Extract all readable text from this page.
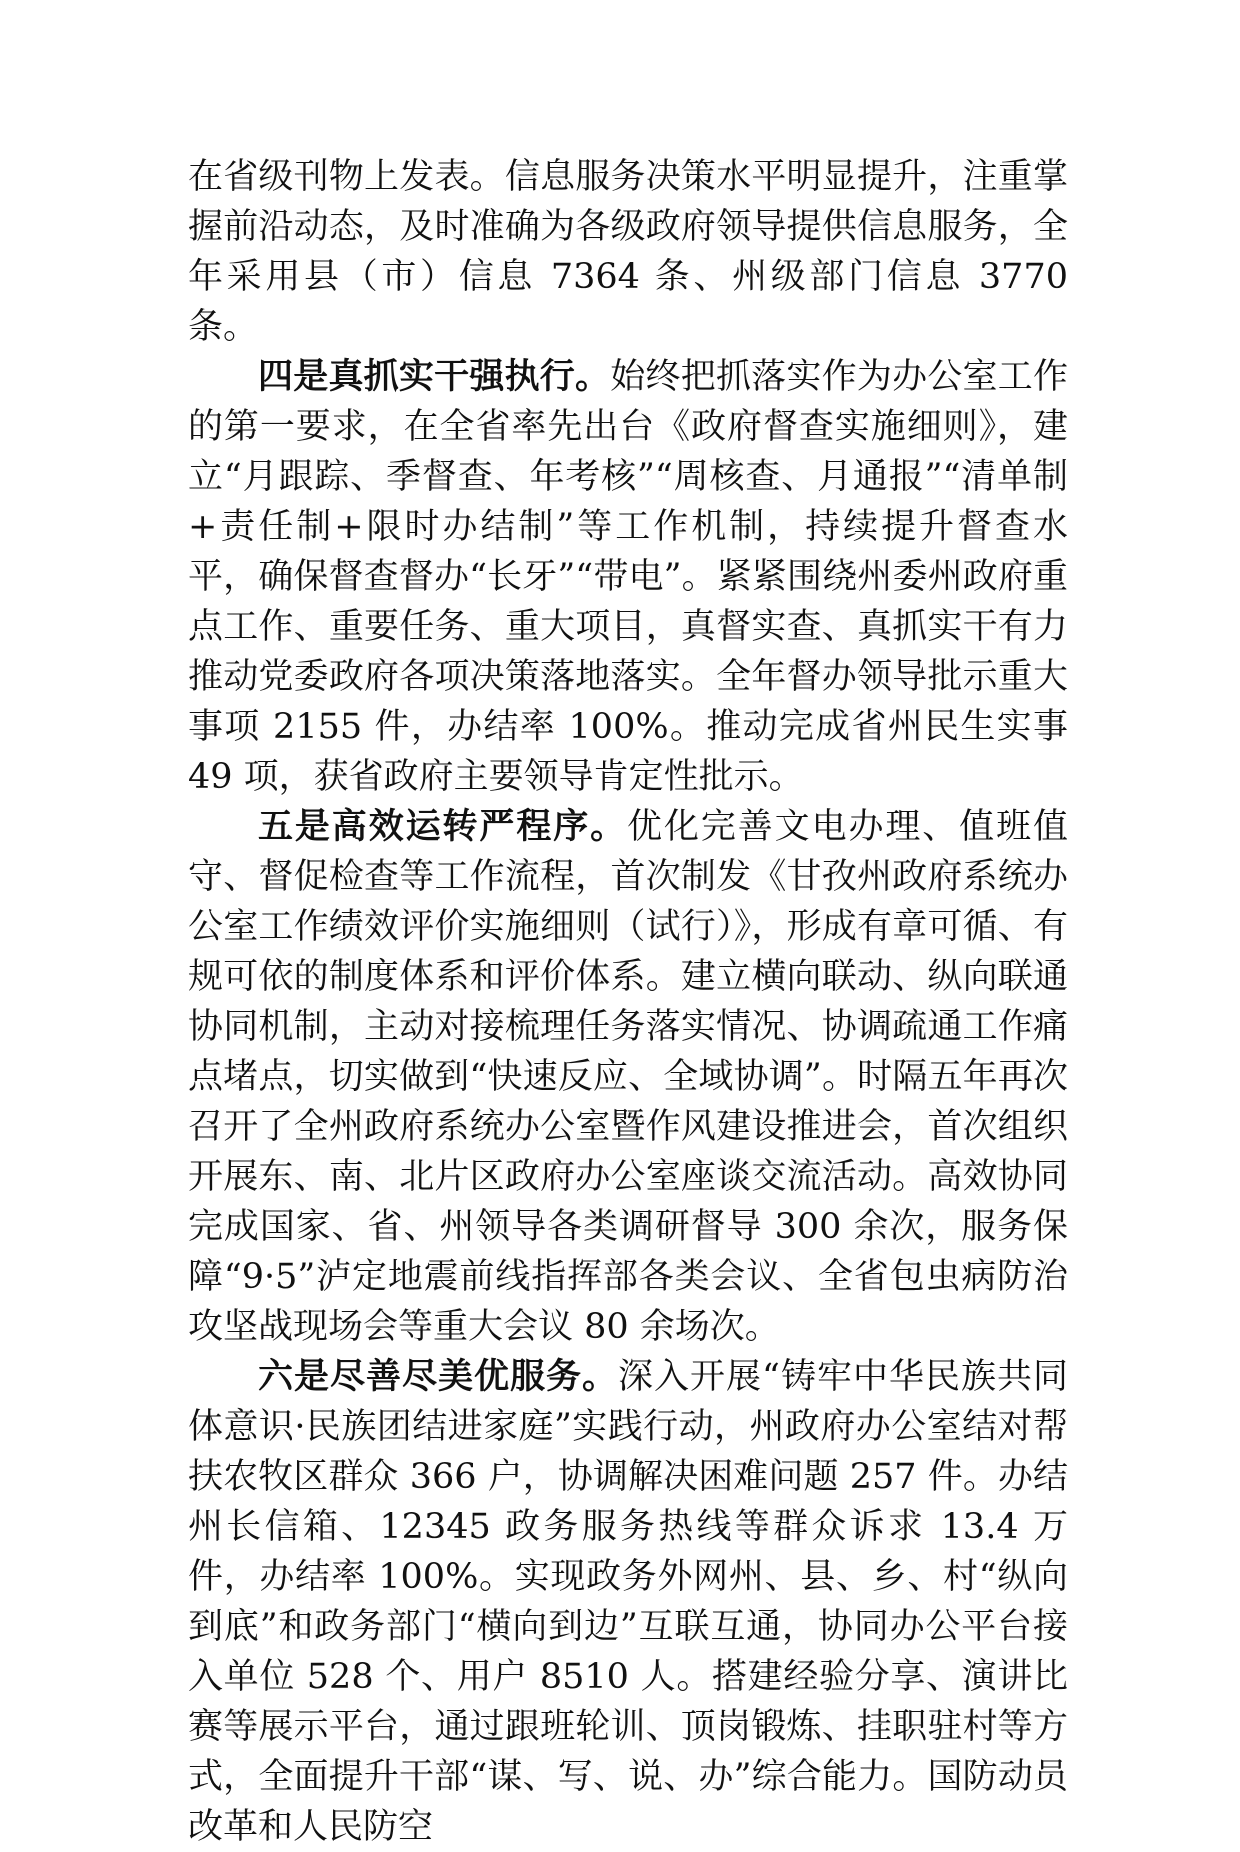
在省级刊物上发表。信息服务决策水平明显提升，注重掌握前沿动态，及时准确为各级政府领导提供信息服务，全年采用县（市）信息 7364 条、州级部门信息 3770 条。

四是真抓实干强执行。始终把抓落实作为办公室工作的第一要求，在全省率先出台《政府督查实施细则》，建立“月跟踪、季督查、年考核”“周核查、月通报”“清单制+责任制+限时办结制”等工作机制，持续提升督查水平，确保督查督办“长牙”“带电”。紧紧围绕州委州政府重点工作、重要任务、重大项目，真督实查、真抓实干有力推动党委政府各项决策落地落实。全年督办领导批示重大事项 2155 件，办结率 100%。推动完成省州民生实事 49 项，获省政府主要领导肯定性批示。

五是高效运转严程序。优化完善文电办理、值班值守、督促检查等工作流程，首次制发《甘孜州政府系统办公室工作绩效评价实施细则（试行）》，形成有章可循、有规可依的制度体系和评价体系。建立横向联动、纵向联通协同机制，主动对接梳理任务落实情况、协调疏通工作痛点堵点，切实做到“快速反应、全域协调”。时隔五年再次召开了全州政府系统办公室暨作风建设推进会，首次组织开展东、南、北片区政府办公室座谈交流活动。高效协同完成国家、省、州领导各类调研督导 300 余次，服务保障“9·5”泸定地震前线指挥部各类会议、全省包虫病防治攻坚战现场会等重大会议 80 余场次。

六是尽善尽美优服务。深入开展“铸牢中华民族共同体意识·民族团结进家庭”实践行动，州政府办公室结对帮扶农牧区群众 366 户，协调解决困难问题 257 件。办结州长信箱、12345 政务服务热线等群众诉求 13.4 万件，办结率 100%。实现政务外网州、县、乡、村“纵向到底”和政务部门“横向到边”互联互通，协同办公平台接入单位 528 个、用户 8510 人。搭建经验分享、演讲比赛等展示平台，通过跟班轮训、顶岗锻炼、挂职驻村等方式，全面提升干部“谋、写、说、办”综合能力。国防动员改革和人民防空
